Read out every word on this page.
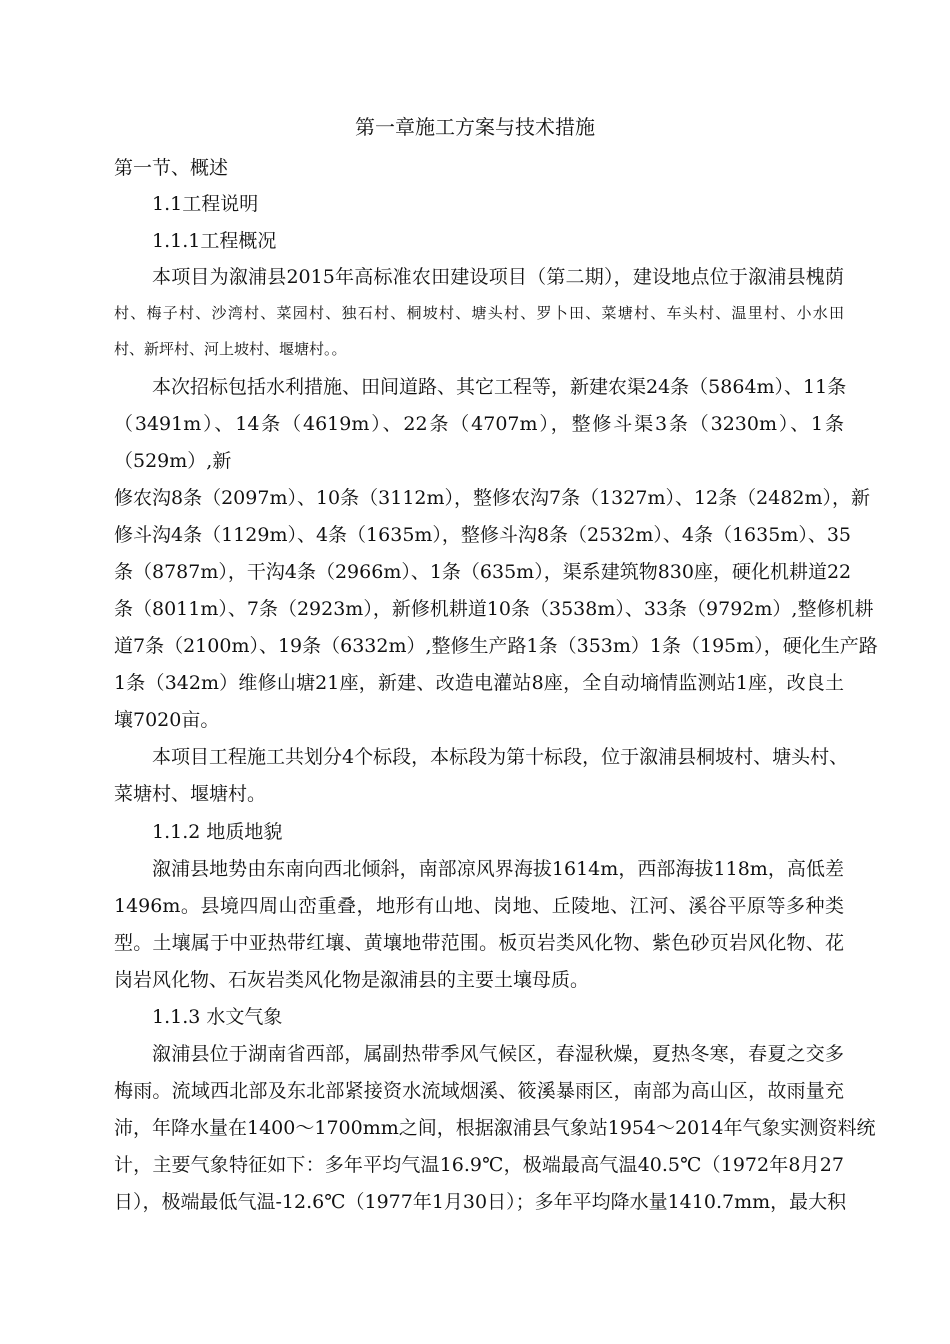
第一章施工方案与技术措施
第一节、概述
1.1工程说明
1.1.1工程概况
本项目为溆浦县2015年高标准农田建设项目（第二期），建设地点位于溆浦县槐荫
村、梅子村、沙湾村、菜园村、独石村、桐坡村、塘头村、罗卜田、菜塘村、车头村、温里村、小水田
村、新坪村、河上坡村、堰塘村。。
本次招标包括水利措施、田间道路、其它工程等，新建农渠24条（5864m）、11条
（3491m）、14条（4619m）、22条（4707m），整修斗渠3条（3230m）、1条
（529m）,新
修农沟8条（2097m）、10条（3112m），整修农沟7条（1327m）、12条（2482m），新
修斗沟4条（1129m）、4条（1635m），整修斗沟8条（2532m）、4条（1635m）、35
条（8787m），干沟4条（2966m）、1条（635m），渠系建筑物830座，硬化机耕道22
条（8011m）、7条（2923m），新修机耕道10条（3538m）、33条（9792m）,整修机耕
道7条（2100m）、19条（6332m）,整修生产路1条（353m）1条（195m），硬化生产路
1条（342m）维修山塘21座，新建、改造电灌站8座，全自动墒情监测站1座，改良土
壤7020亩。
本项目工程施工共划分4个标段，本标段为第十标段，位于溆浦县桐坡村、塘头村、
菜塘村、堰塘村。
1.1.2 地质地貌
溆浦县地势由东南向西北倾斜，南部凉风界海拔1614m，西部海拔118m，高低差
1496m。县境四周山峦重叠，地形有山地、岗地、丘陵地、江河、溪谷平原等多种类
型。土壤属于中亚热带红壤、黄壤地带范围。板页岩类风化物、紫色砂页岩风化物、花
岗岩风化物、石灰岩类风化物是溆浦县的主要土壤母质。
1.1.3 水文气象
溆浦县位于湖南省西部，属副热带季风气候区，春湿秋燥，夏热冬寒，春夏之交多
梅雨。流域西北部及东北部紧接资水流域烟溪、筱溪暴雨区，南部为高山区，故雨量充
沛，年降水量在1400～1700mm之间，根据溆浦县气象站1954～2014年气象实测资料统
计，主要气象特征如下：多年平均气温16.9℃，极端最高气温40.5℃（1972年8月27
日），极端最低气温-12.6℃（1977年1月30日）；多年平均降水量1410.7mm，最大积
